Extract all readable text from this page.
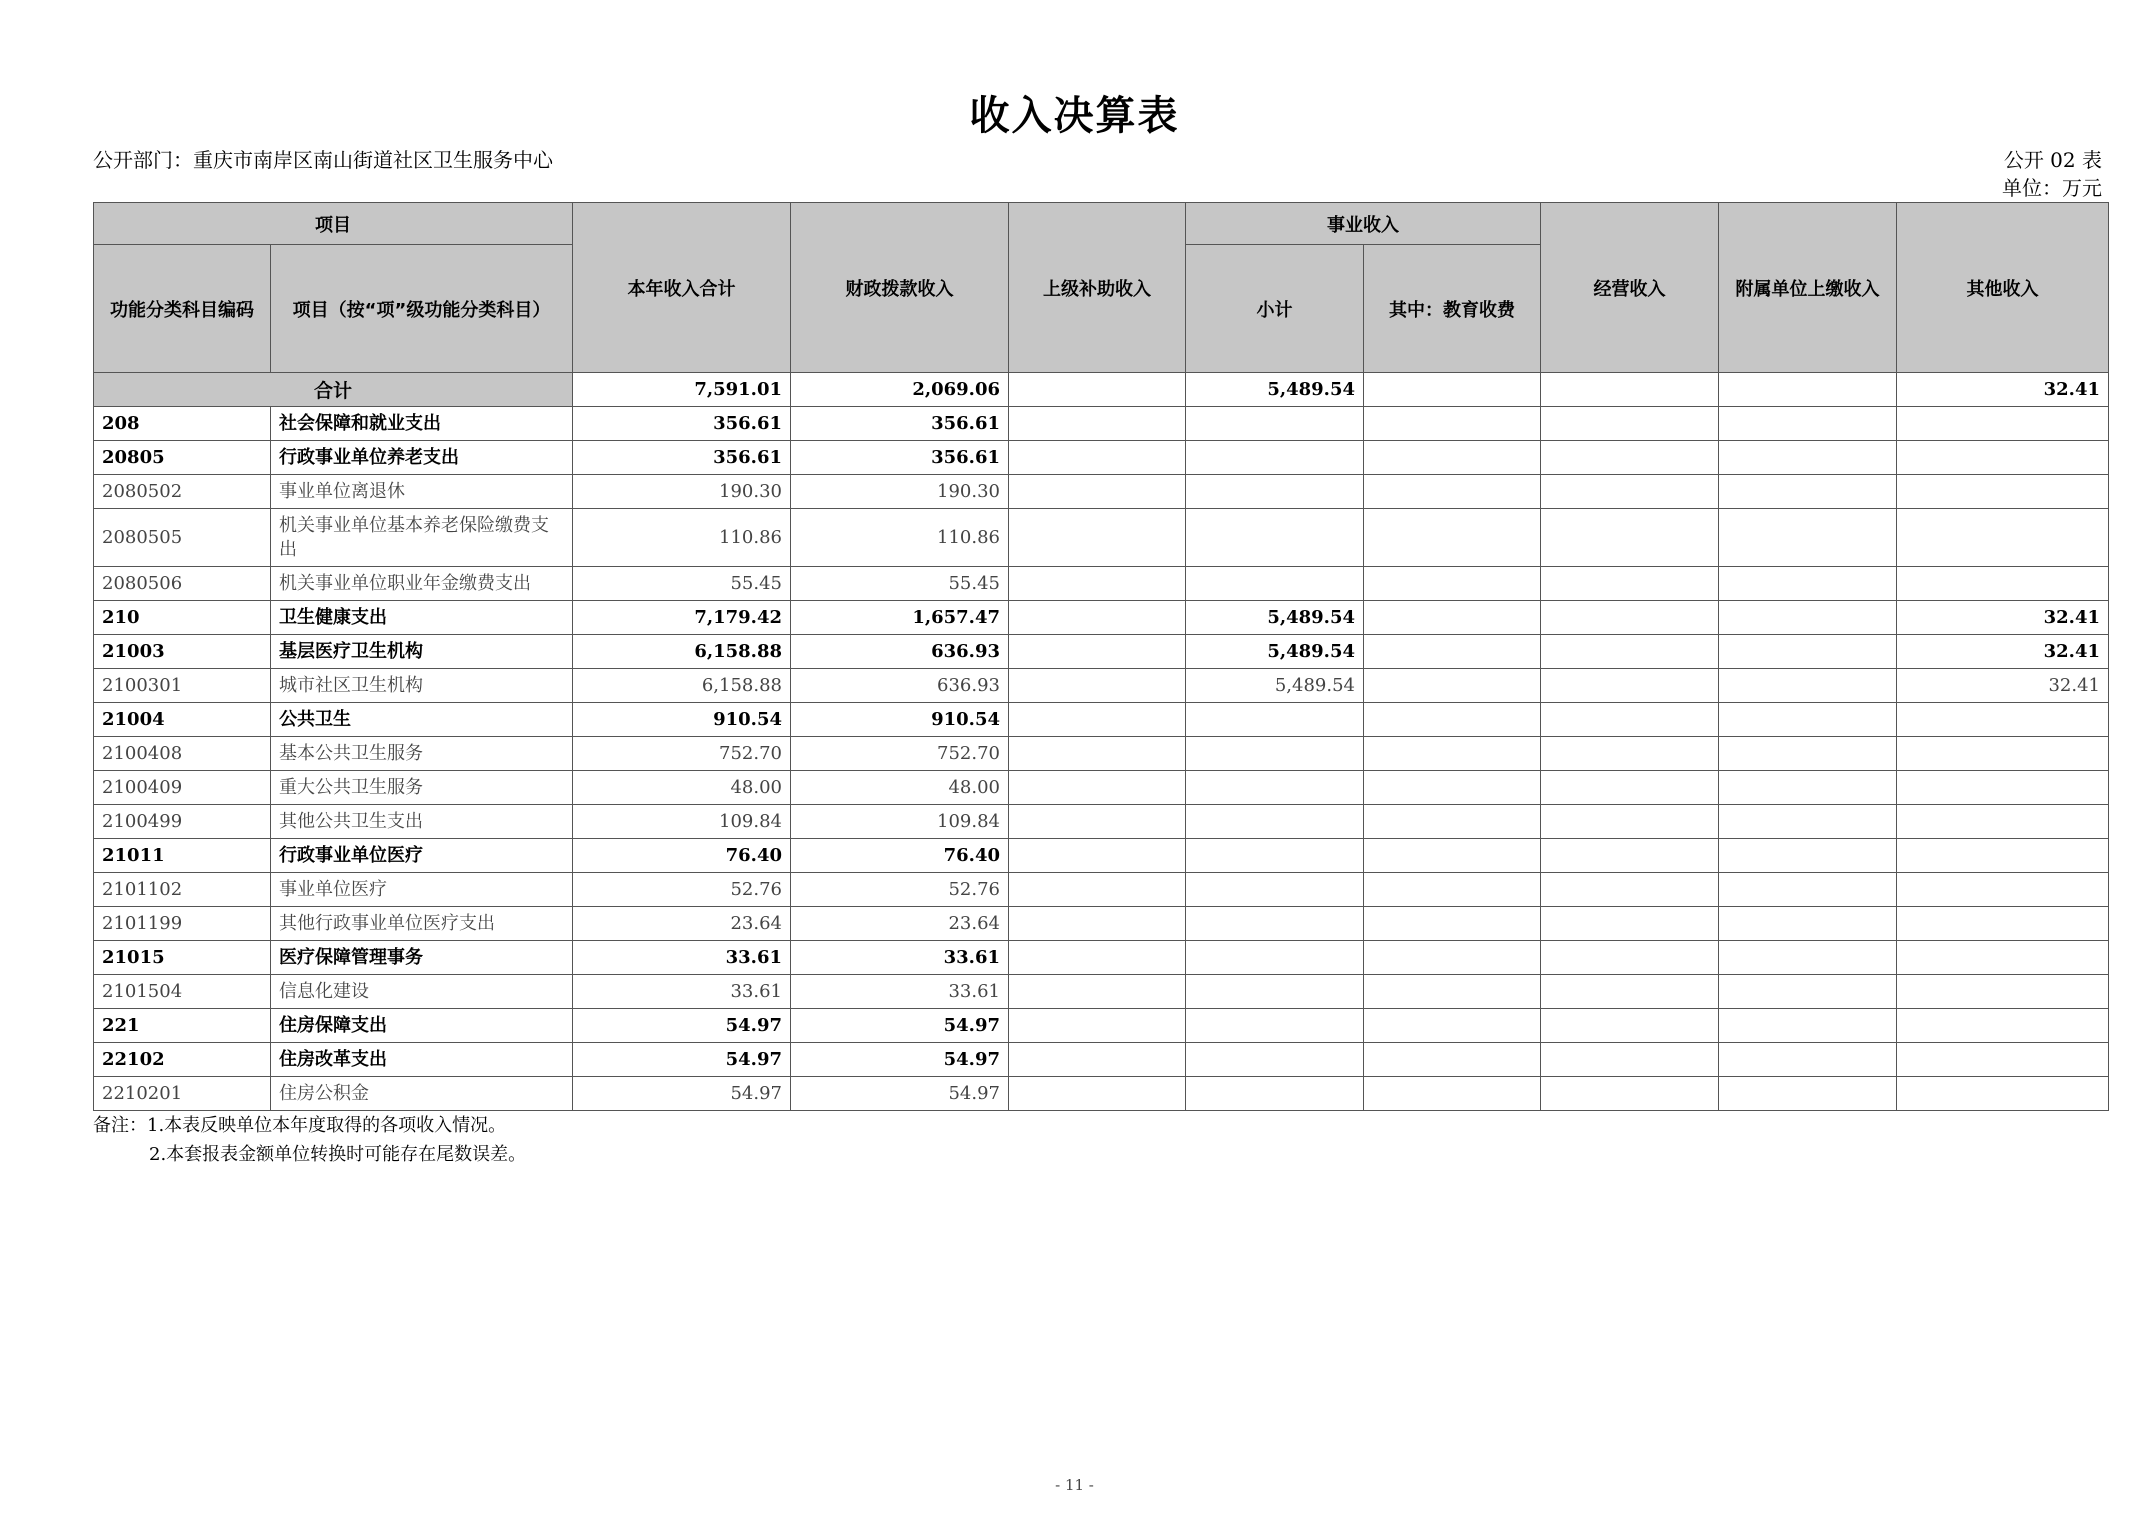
收入决算表
公开部门：重庆市南岸区南山街道社区卫生服务中心	公开 02 表
单位：万元
项目		本年收入合计	财政拨款收入	上级补助收入	事业收入		经营收入	附属单位上缴收入	其他收入
功能分类科目编码	项目（按“项”级功能分类科目）				小计	其中：教育收费			
合计		7,591.01	2,069.06		5,489.54				32.41
208	社会保障和就业支出	356.61	356.61						
20805	行政事业单位养老支出	356.61	356.61						
2080502	事业单位离退休	190.30	190.30						
2080505	机关事业单位基本养老保险缴费支出	110.86	110.86						
2080506	机关事业单位职业年金缴费支出	55.45	55.45						
210	卫生健康支出	7,179.42	1,657.47		5,489.54				32.41
21003	基层医疗卫生机构	6,158.88	636.93		5,489.54				32.41
2100301	城市社区卫生机构	6,158.88	636.93		5,489.54				32.41
21004	公共卫生	910.54	910.54						
2100408	基本公共卫生服务	752.70	752.70						
2100409	重大公共卫生服务	48.00	48.00						
2100499	其他公共卫生支出	109.84	109.84						
21011	行政事业单位医疗	76.40	76.40						
2101102	事业单位医疗	52.76	52.76						
2101199	其他行政事业单位医疗支出	23.64	23.64						
21015	医疗保障管理事务	33.61	33.61						
2101504	信息化建设	33.61	33.61						
221	住房保障支出	54.97	54.97						
22102	住房改革支出	54.97	54.97						
2210201	住房公积金	54.97	54.97						
备注：1.本表反映单位本年度取得的各项收入情况。
2.本套报表金额单位转换时可能存在尾数误差。
- 11 -
